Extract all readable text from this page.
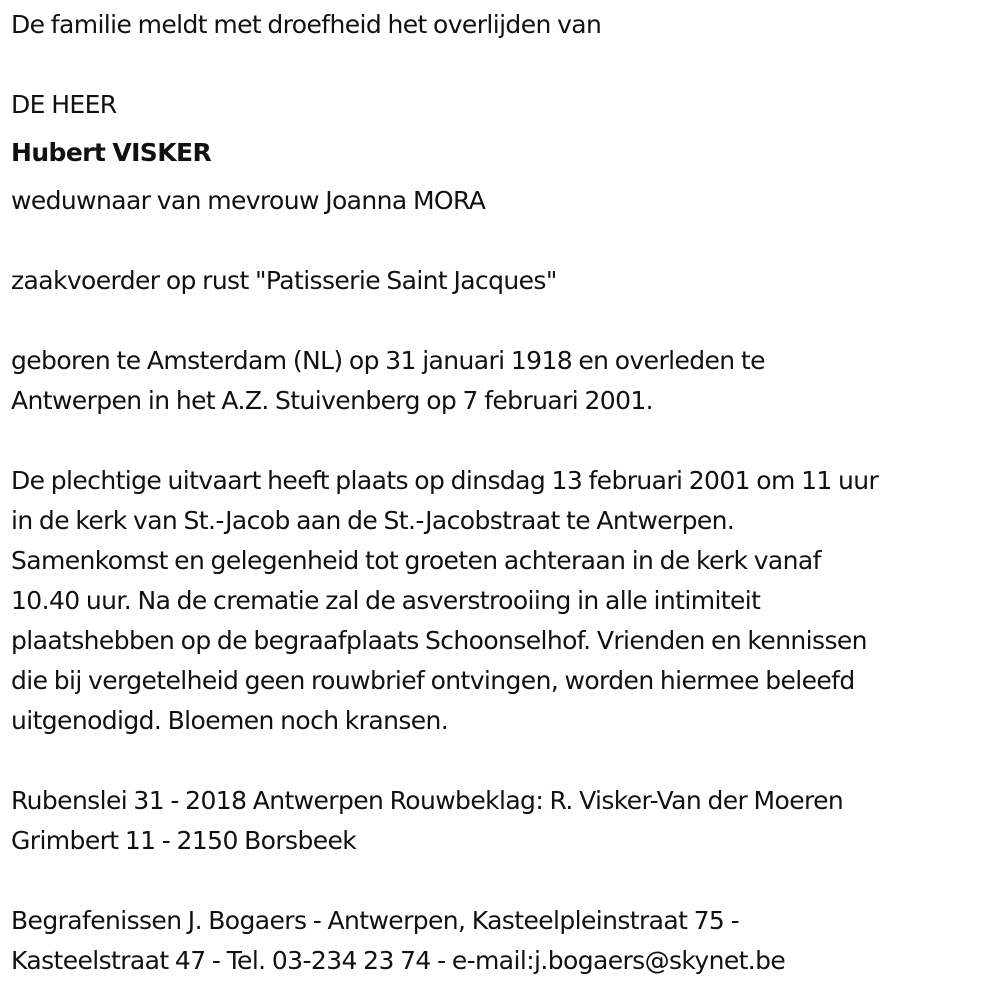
De familie meldt met droefheid het overlijden van
DE HEER
Hubert VISKER
weduwnaar van mevrouw Joanna MORA
zaakvoerder op rust "Patisserie Saint Jacques"
geboren te Amsterdam (NL) op 31 januari 1918 en overleden te
Antwerpen in het A.Z. Stuivenberg op 7 februari 2001.
De plechtige uitvaart heeft plaats op dinsdag 13 februari 2001 om 11 uur
in de kerk van St.-Jacob aan de St.-Jacobstraat te Antwerpen.
Samenkomst en gelegenheid tot groeten achteraan in de kerk vanaf
10.40 uur. Na de crematie zal de asverstrooiing in alle intimiteit
plaatshebben op de begraafplaats Schoonselhof. Vrienden en kennissen
die bij vergetelheid geen rouwbrief ontvingen, worden hiermee beleefd
uitgenodigd. Bloemen noch kransen.
Rubenslei 31 - 2018 Antwerpen Rouwbeklag: R. Visker-Van der Moeren
Grimbert 11 - 2150 Borsbeek
Begrafenissen J. Bogaers - Antwerpen, Kasteelpleinstraat 75 -
Kasteelstraat 47 - Tel. 03-234 23 74 - e-mail:j.bogaers@skynet.be
